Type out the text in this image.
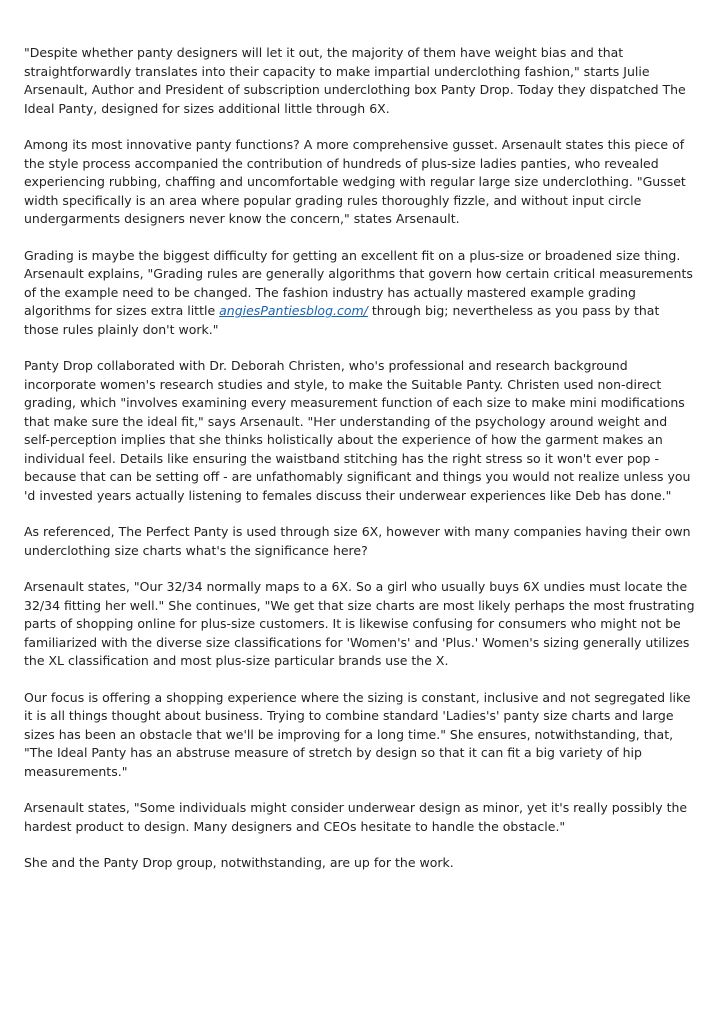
"Despite whether panty designers will let it out, the majority of them have weight bias and that straightforwardly translates into their capacity to make impartial underclothing fashion," starts Julie Arsenault, Author and President of subscription underclothing box Panty Drop. Today they dispatched The Ideal Panty, designed for sizes additional little through 6X.

Among its most innovative panty functions? A more comprehensive gusset. Arsenault states this piece of the style process accompanied the contribution of hundreds of plus-size ladies panties, who revealed experiencing rubbing, chaffing and uncomfortable wedging with regular large size underclothing. "Gusset width specifically is an area where popular grading rules thoroughly fizzle, and without input circle undergarments designers never know the concern," states Arsenault.

Grading is maybe the biggest difficulty for getting an excellent fit on a plus-size or broadened size thing. Arsenault explains, "Grading rules are generally algorithms that govern how certain critical measurements of the example need to be changed. The fashion industry has actually mastered example grading algorithms for sizes extra little angiesPantiesblog.com/ through big; nevertheless as you pass by that those rules plainly don't work."

Panty Drop collaborated with Dr. Deborah Christen, who's professional and research background incorporate women's research studies and style, to make the Suitable Panty. Christen used non-direct grading, which "involves examining every measurement function of each size to make mini modifications that make sure the ideal fit," says Arsenault. "Her understanding of the psychology around weight and self-perception implies that she thinks holistically about the experience of how the garment makes an individual feel. Details like ensuring the waistband stitching has the right stress so it won't ever pop - because that can be setting off - are unfathomably significant and things you would not realize unless you 'd invested years actually listening to females discuss their underwear experiences like Deb has done."

As referenced, The Perfect Panty is used through size 6X, however with many companies having their own underclothing size charts what's the significance here?

Arsenault states, "Our 32/34 normally maps to a 6X. So a girl who usually buys 6X undies must locate the 32/34 fitting her well." She continues, "We get that size charts are most likely perhaps the most frustrating parts of shopping online for plus-size customers. It is likewise confusing for consumers who might not be familiarized with the diverse size classifications for 'Women's' and 'Plus.' Women's sizing generally utilizes the XL classification and most plus-size particular brands use the X.

Our focus is offering a shopping experience where the sizing is constant, inclusive and not segregated like it is all things thought about business. Trying to combine standard 'Ladies's' panty size charts and large sizes has been an obstacle that we'll be improving for a long time." She ensures, notwithstanding, that, "The Ideal Panty has an abstruse measure of stretch by design so that it can fit a big variety of hip measurements."

Arsenault states, "Some individuals might consider underwear design as minor, yet it's really possibly the hardest product to design. Many designers and CEOs hesitate to handle the obstacle."

She and the Panty Drop group, notwithstanding, are up for the work.
